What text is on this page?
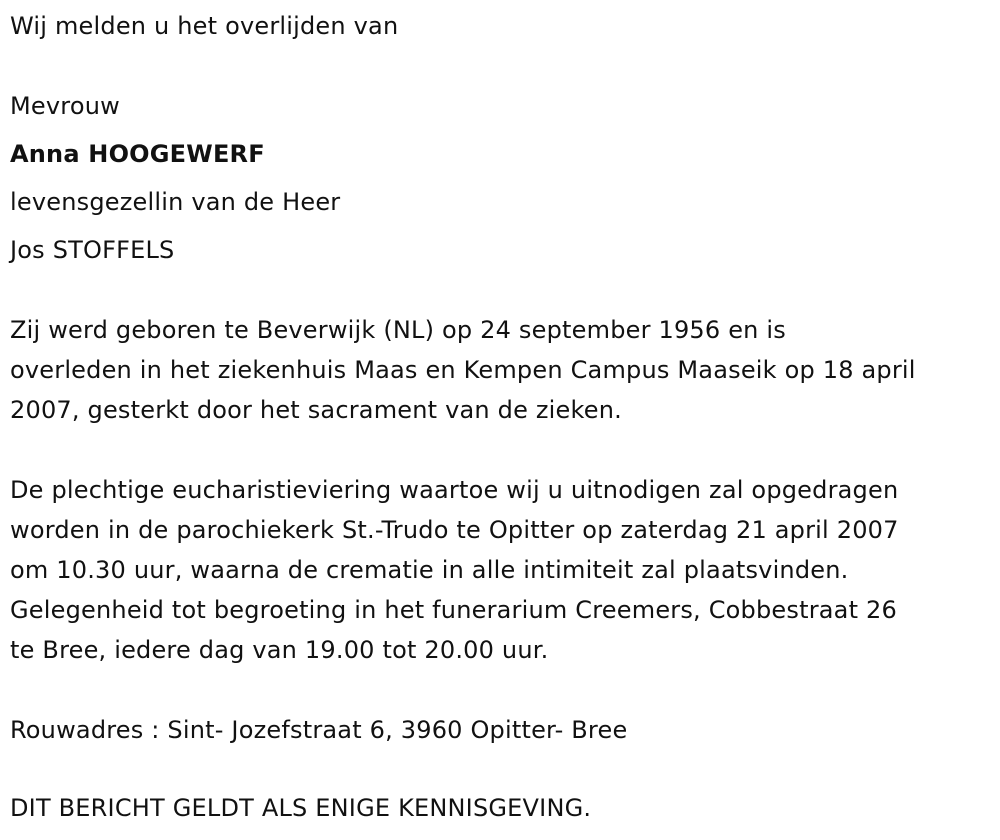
Wij melden u het overlijden van
Mevrouw
Anna HOOGEWERF
levensgezellin van de Heer
Jos STOFFELS
Zij werd geboren te Beverwijk (NL) op 24 september 1956 en is
overleden in het ziekenhuis Maas en Kempen Campus Maaseik op 18 april
2007, gesterkt door het sacrament van de zieken.
De plechtige eucharistieviering waartoe wij u uitnodigen zal opgedragen
worden in de parochiekerk St.-Trudo te Opitter op zaterdag 21 april 2007
om 10.30 uur, waarna de crematie in alle intimiteit zal plaatsvinden.
Gelegenheid tot begroeting in het funerarium Creemers, Cobbestraat 26
te Bree, iedere dag van 19.00 tot 20.00 uur.
Rouwadres : Sint- Jozefstraat 6, 3960 Opitter- Bree
DIT BERICHT GELDT ALS ENIGE KENNISGEVING.
